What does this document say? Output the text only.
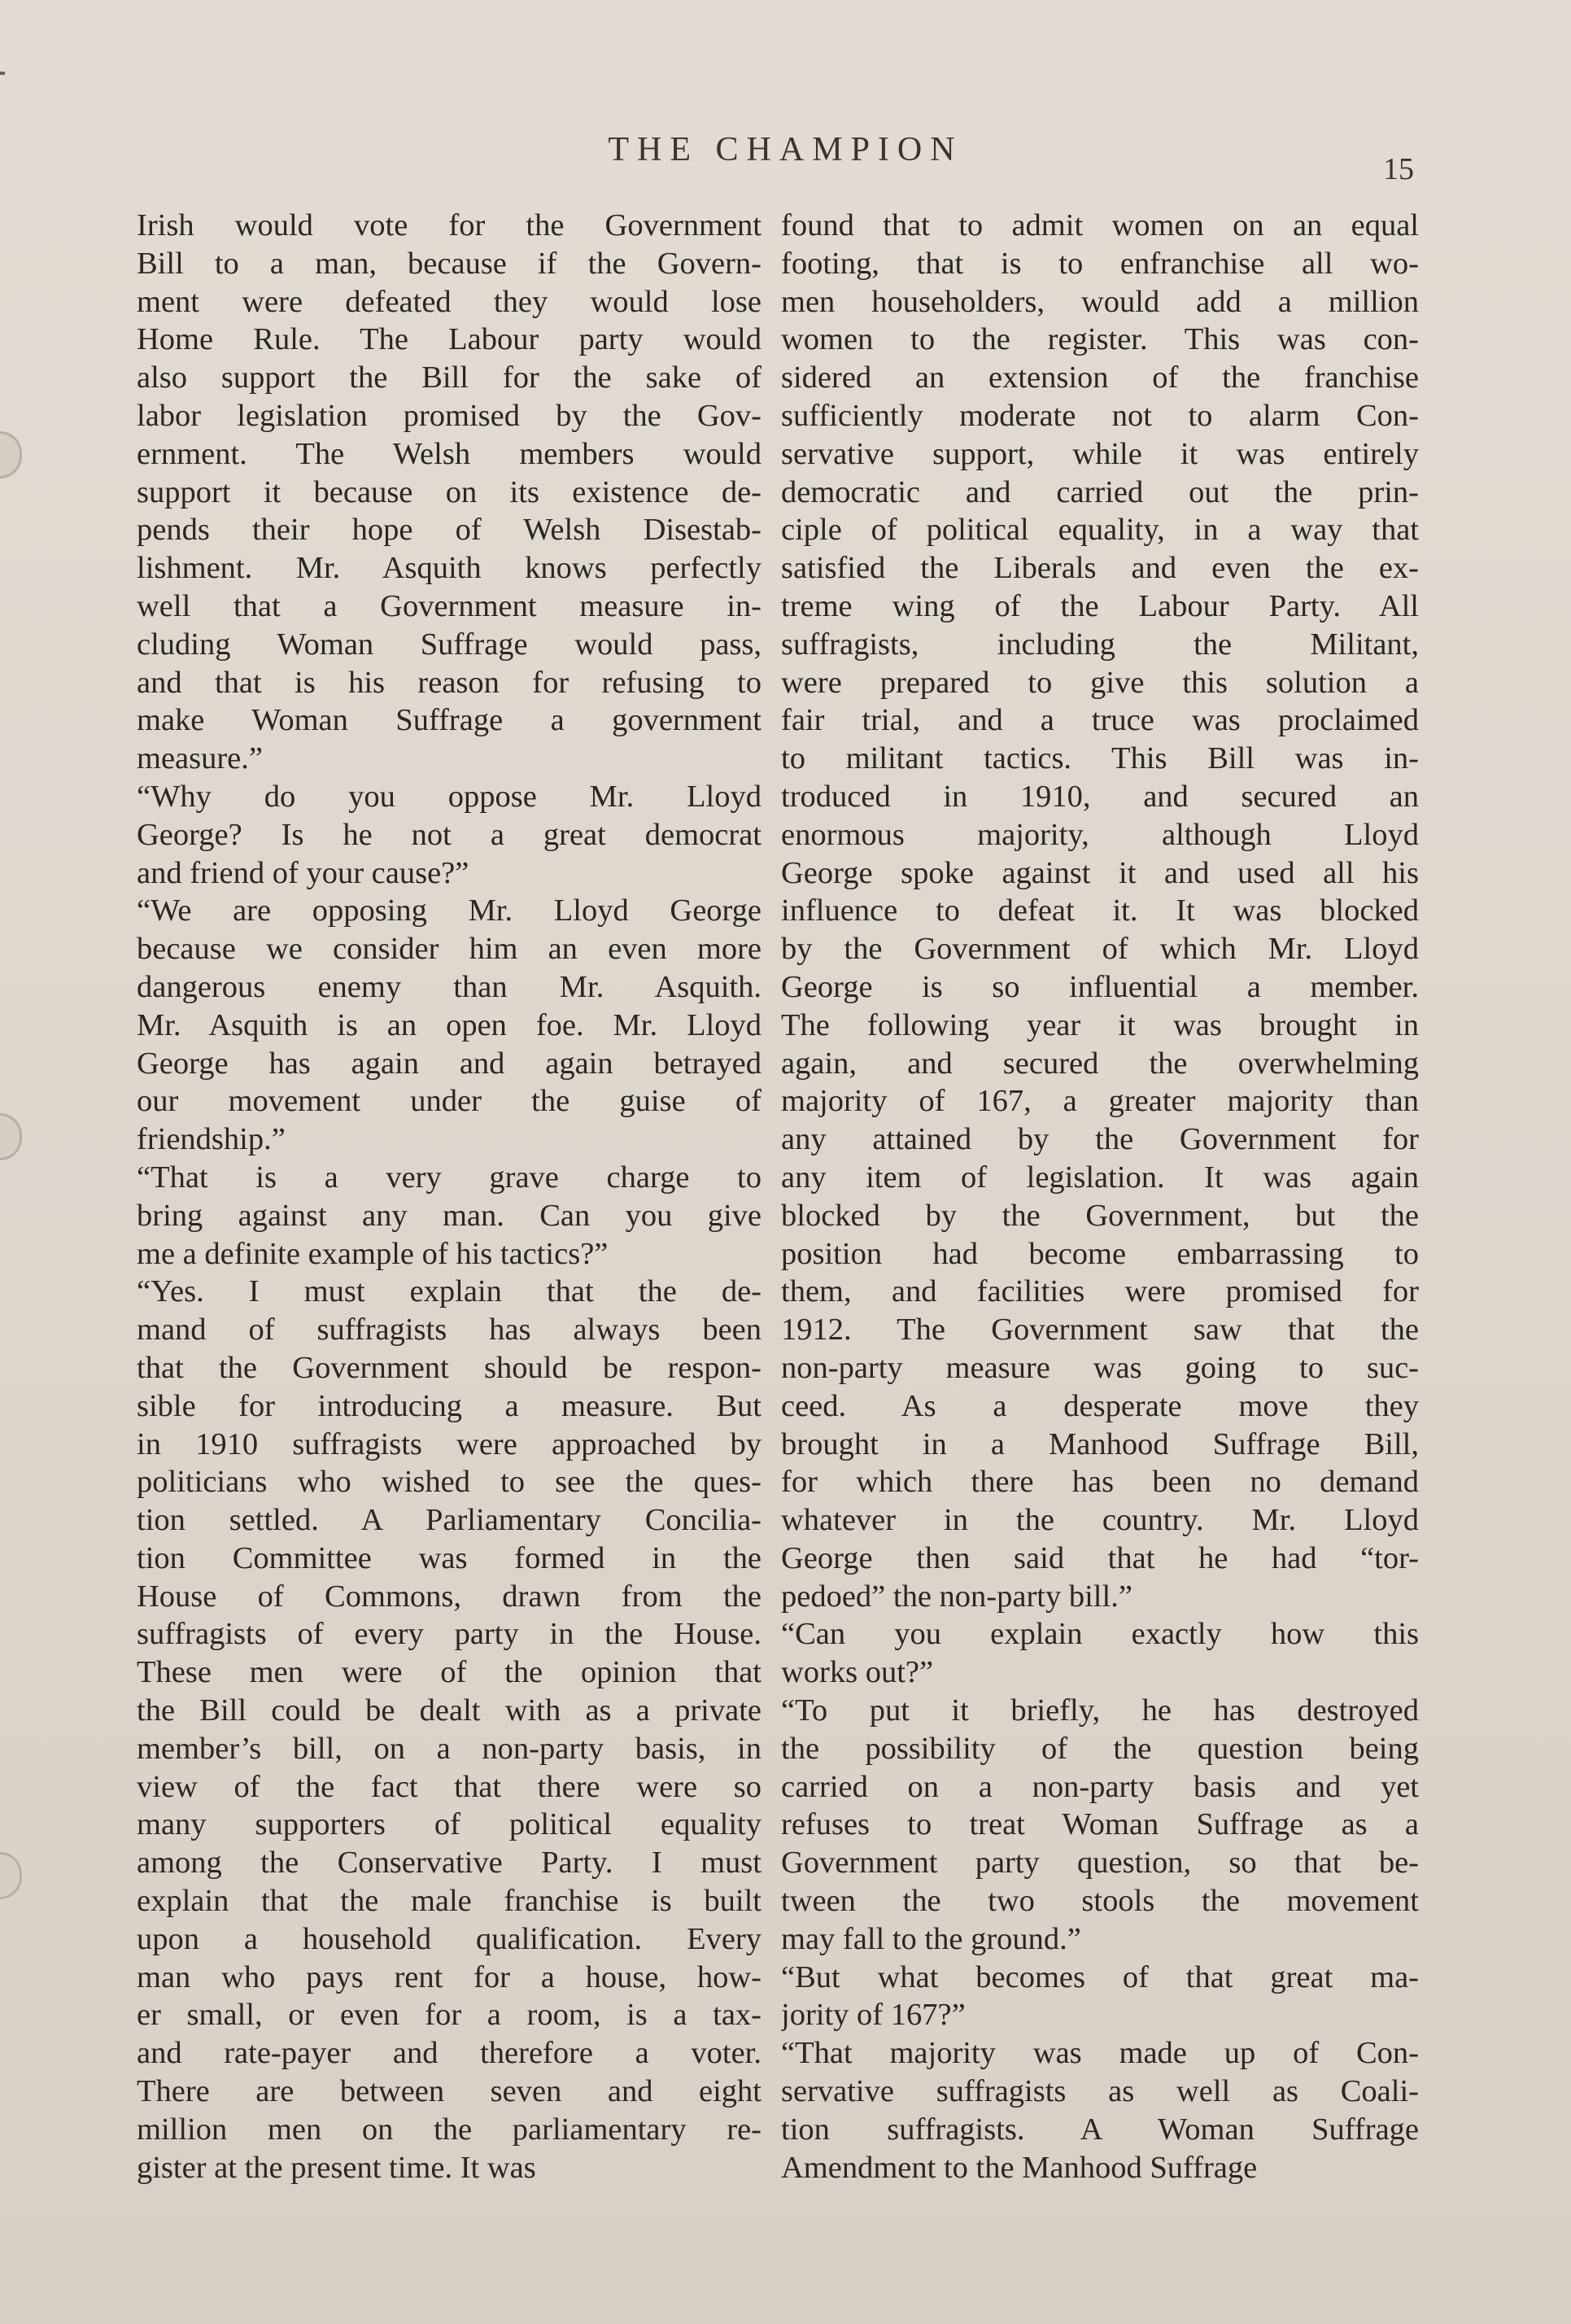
THE CHAMPION
15
Irish would vote for the Government
Bill to a man, because if the Govern-
ment were defeated they would lose
Home Rule. The Labour party would
also support the Bill for the sake of
labor legislation promised by the Gov-
ernment. The Welsh members would
support it because on its existence de-
pends their hope of Welsh Disestab-
lishment. Mr. Asquith knows perfectly
well that a Government measure in-
cluding Woman Suffrage would pass,
and that is his reason for refusing to
make Woman Suffrage a government
measure.”
“Why do you oppose Mr. Lloyd
George? Is he not a great democrat
and friend of your cause?”
“We are opposing Mr. Lloyd George
because we consider him an even more
dangerous enemy than Mr. Asquith.
Mr. Asquith is an open foe. Mr. Lloyd
George has again and again betrayed
our movement under the guise of
friendship.”
“That is a very grave charge to
bring against any man. Can you give
me a definite example of his tactics?”
“Yes. I must explain that the de-
mand of suffragists has always been
that the Government should be respon-
sible for introducing a measure. But
in 1910 suffragists were approached by
politicians who wished to see the ques-
tion settled. A Parliamentary Concilia-
tion Committee was formed in the
House of Commons, drawn from the
suffragists of every party in the House.
These men were of the opinion that
the Bill could be dealt with as a private
member’s bill, on a non-party basis, in
view of the fact that there were so
many supporters of political equality
among the Conservative Party. I must
explain that the male franchise is built
upon a household qualification. Every
man who pays rent for a house, how-
er small, or even for a room, is a tax-
and rate-payer and therefore a voter.
There are between seven and eight
million men on the parliamentary re-
gister at the present time. It was
found that to admit women on an equal
footing, that is to enfranchise all wo-
men householders, would add a million
women to the register. This was con-
sidered an extension of the franchise
sufficiently moderate not to alarm Con-
servative support, while it was entirely
democratic and carried out the prin-
ciple of political equality, in a way that
satisfied the Liberals and even the ex-
treme wing of the Labour Party. All
suffragists, including the Militant,
were prepared to give this solution a
fair trial, and a truce was proclaimed
to militant tactics. This Bill was in-
troduced in 1910, and secured an
enormous majority, although Lloyd
George spoke against it and used all his
influence to defeat it. It was blocked
by the Government of which Mr. Lloyd
George is so influential a member.
The following year it was brought in
again, and secured the overwhelming
majority of 167, a greater majority than
any attained by the Government for
any item of legislation. It was again
blocked by the Government, but the
position had become embarrassing to
them, and facilities were promised for
1912. The Government saw that the
non-party measure was going to suc-
ceed. As a desperate move they
brought in a Manhood Suffrage Bill,
for which there has been no demand
whatever in the country. Mr. Lloyd
George then said that he had “tor-
pedoed” the non-party bill.”
“Can you explain exactly how this
works out?”
“To put it briefly, he has destroyed
the possibility of the question being
carried on a non-party basis and yet
refuses to treat Woman Suffrage as a
Government party question, so that be-
tween the two stools the movement
may fall to the ground.”
“But what becomes of that great ma-
jority of 167?”
“That majority was made up of Con-
servative suffragists as well as Coali-
tion suffragists. A Woman Suffrage
Amendment to the Manhood Suffrage
